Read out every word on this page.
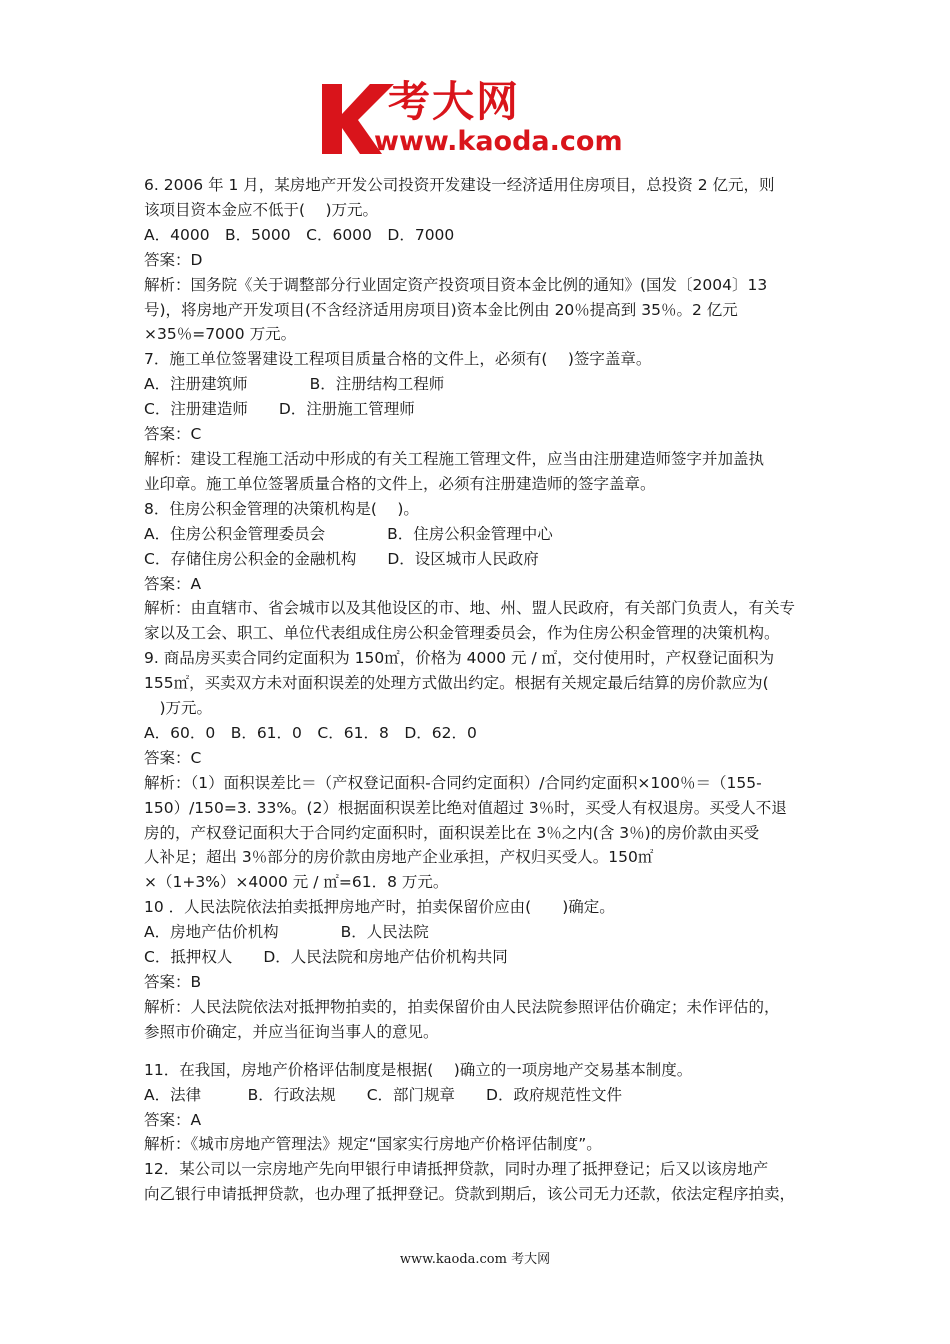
考大网
www.kaoda.com

6. 2006 年 1 月，某房地产开发公司投资开发建设一经济适用住房项目，总投资 2 亿元，则

该项目资本金应不低于(　 )万元。

A．4000　B．5000　C．6000　D．7000

答案：D

解析：国务院《关于调整部分行业固定资产投资项目资本金比例的通知》(国发〔2004〕13

号)，将房地产开发项目(不含经济适用房项目)资本金比例由 20％提高到 35％。2 亿元

×35％=7000 万元。

7．施工单位签署建设工程项目质量合格的文件上，必须有(　 )签字盖章。

A．注册建筑师　　　　B．注册结构工程师

C．注册建造师　　D．注册施工管理师

答案：C

解析：建设工程施工活动中形成的有关工程施工管理文件，应当由注册建造师签字并加盖执

业印章。施工单位签署质量合格的文件上，必须有注册建造师的签字盖章。

8．住房公积金管理的决策机构是(　 )。

A．住房公积金管理委员会　　　　B．住房公积金管理中心

C．存储住房公积金的金融机构　　D．设区城市人民政府

答案：A

解析：由直辖市、省会城市以及其他设区的市、地、州、盟人民政府，有关部门负责人，有关专

家以及工会、职工、单位代表组成住房公积金管理委员会，作为住房公积金管理的决策机构。

9. 商品房买卖合同约定面积为 150㎡，价格为 4000 元 / ㎡，交付使用时，产权登记面积为

155㎡，买卖双方未对面积误差的处理方式做出约定。根据有关规定最后结算的房价款应为(

　)万元。

A．60．0　B．61．0　C．61．8　D．62．0

答案：C

解析：（1）面积误差比＝（产权登记面积-合同约定面积）/合同约定面积×100％＝（155-

150）/150=3. 33%。(2）根据面积误差比绝对值超过 3％时，买受人有权退房。买受人不退

房的，产权登记面积大于合同约定面积时，面积误差比在 3％之内(含 3％)的房价款由买受

人补足；超出 3％部分的房价款由房地产企业承担，产权归买受人。150㎡

×（1+3%）×4000 元 / ㎡=61．8 万元。

10 ．人民法院依法拍卖抵押房地产时，拍卖保留价应由(　　)确定。

A．房地产估价机构　　　　B．人民法院

C．抵押权人　　D．人民法院和房地产估价机构共同

答案：B

解析：人民法院依法对抵押物拍卖的，拍卖保留价由人民法院参照评估价确定；未作评估的，

参照市价确定，并应当征询当事人的意见。

11．在我国，房地产价格评估制度是根据(　 )确立的一项房地产交易基本制度。

A．法律　　　B．行政法规　　C．部门规章　　D．政府规范性文件

答案：A

解析：《城市房地产管理法》规定“国家实行房地产价格评估制度”。

12．某公司以一宗房地产先向甲银行申请抵押贷款，同时办理了抵押登记；后又以该房地产

向乙银行申请抵押贷款，也办理了抵押登记。贷款到期后，该公司无力还款，依法定程序拍卖，

www.kaoda.com 考大网
